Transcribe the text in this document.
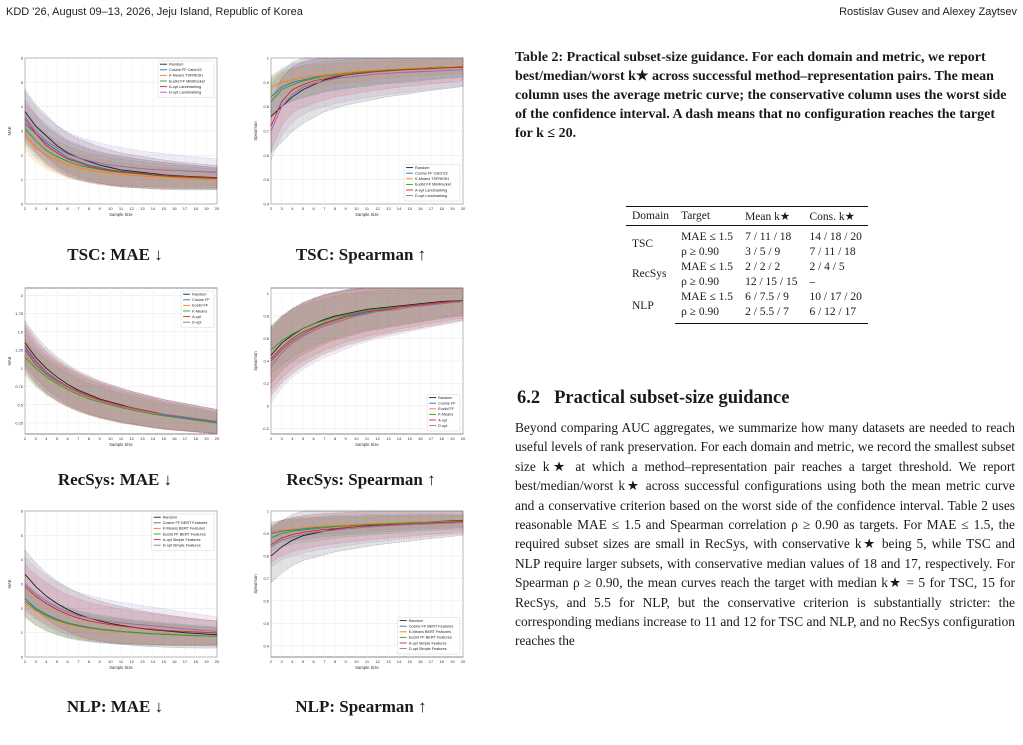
KDD '26, August 09–13, 2026, Jeju Island, Republic of Korea	Rostislav Gusev and Alexey Zaytsev
0
1
2
3
4
5
6
2 3 4 5 6 7 8 9 10 11 12 13 14 15 16 17 18 19 20
Sample Size
MAE
Random
Cosine FF Catch22
K-Means TSFRESH
Euclid FF MiniRocket
A-opt Landmarking
D-opt Landmarking
0.4
0.5
0.6
0.7
0.8
0.9
1
2 3 4 5 6 7 8 9 10 11 12 13 14 15 16 17 18 19 20
Sample Size
Spearman
Random
Cosine FF Catch22
K-Means TSFRESH
Euclid FF MiniRocket
A-opt Landmarking
D-opt Landmarking
0.25
0.5
0.75
1
1.25
1.5
1.75
2
2 3 4 5 6 7 8 9 10 11 12 13 14 15 16 17 18 19 20
Sample Size
MAE
Random
Cosine FF
Euclid FF
K-Means
A-opt
D-opt
-0.2
0
0.2
0.4
0.6
0.8
1
2 3 4 5 6 7 8 9 10 11 12 13 14 15 16 17 18 19 20
Sample Size
Spearman
Random
Cosine FF
Euclid FF
K-Means
A-opt
D-opt
0
1
2
3
4
5
6
2 3 4 5 6 7 8 9 10 11 12 13 14 15 16 17 18 19 20
Sample Size
MAE
Random
Cosine FF BERT Features
K-Means BERT Features
Euclid FF BERT Features
A-opt Simple Features
D-opt Simple Features
0.4
0.5
0.6
0.7
0.8
0.9
1
2 3 4 5 6 7 8 9 10 11 12 13 14 15 16 17 18 19 20
Sample Size
Spearman
Random
Cosine FF BERT Features
K-Means BERT Features
Euclid FF BERT Features
A-opt Simple Features
D-opt Simple Features
TSC: MAE ↓	TSC: Spearman ↑
RecSys: MAE ↓	RecSys: Spearman ↑
NLP: MAE ↓	NLP: Spearman ↑
Table 2: Practical subset-size guidance. For each domain and metric, we report best/median/worst k★ across successful method–representation pairs. The mean column uses the average metric curve; the conservative column uses the worst side of the confidence interval. A dash means that no configuration reaches the target for k ≤ 20.
Domain	Target	Mean k★	Cons. k★

TSC	MAE ≤ 1.5	7 / 11 / 18	14 / 18 / 20
	ρ ≥ 0.90	3 / 5 / 9	7 / 11 / 18
RecSys	MAE ≤ 1.5	2 / 2 / 2	2 / 4 / 5
	ρ ≥ 0.90	12 / 15 / 15	–
NLP	MAE ≤ 1.5	6 / 7.5 / 9	10 / 17 / 20
	ρ ≥ 0.90	2 / 5.5 / 7	6 / 12 / 17
6.2 Practical subset-size guidance
Beyond comparing AUC aggregates, we summarize how many datasets are needed to reach useful levels of rank preservation. For each domain and metric, we record the smallest subset size k★ at which a method–representation pair reaches a target threshold. We report best/median/worst k★ across successful configurations using both the mean metric curve and a conservative criterion based on the worst side of the confidence interval. Table 2 uses reasonable MAE ≤ 1.5 and Spearman correlation ρ ≥ 0.90 as targets. For MAE ≤ 1.5, the required subset sizes are small in RecSys, with conservative k★ being 5, while TSC and NLP require larger subsets, with conservative median values of 18 and 17, respectively. For Spearman ρ ≥ 0.90, the mean curves reach the target with median k★ = 5 for TSC, 15 for RecSys, and 5.5 for NLP, but the conservative criterion is substantially stricter: the corresponding medians increase to 11 and 12 for TSC and NLP, and no RecSys configuration reaches the
